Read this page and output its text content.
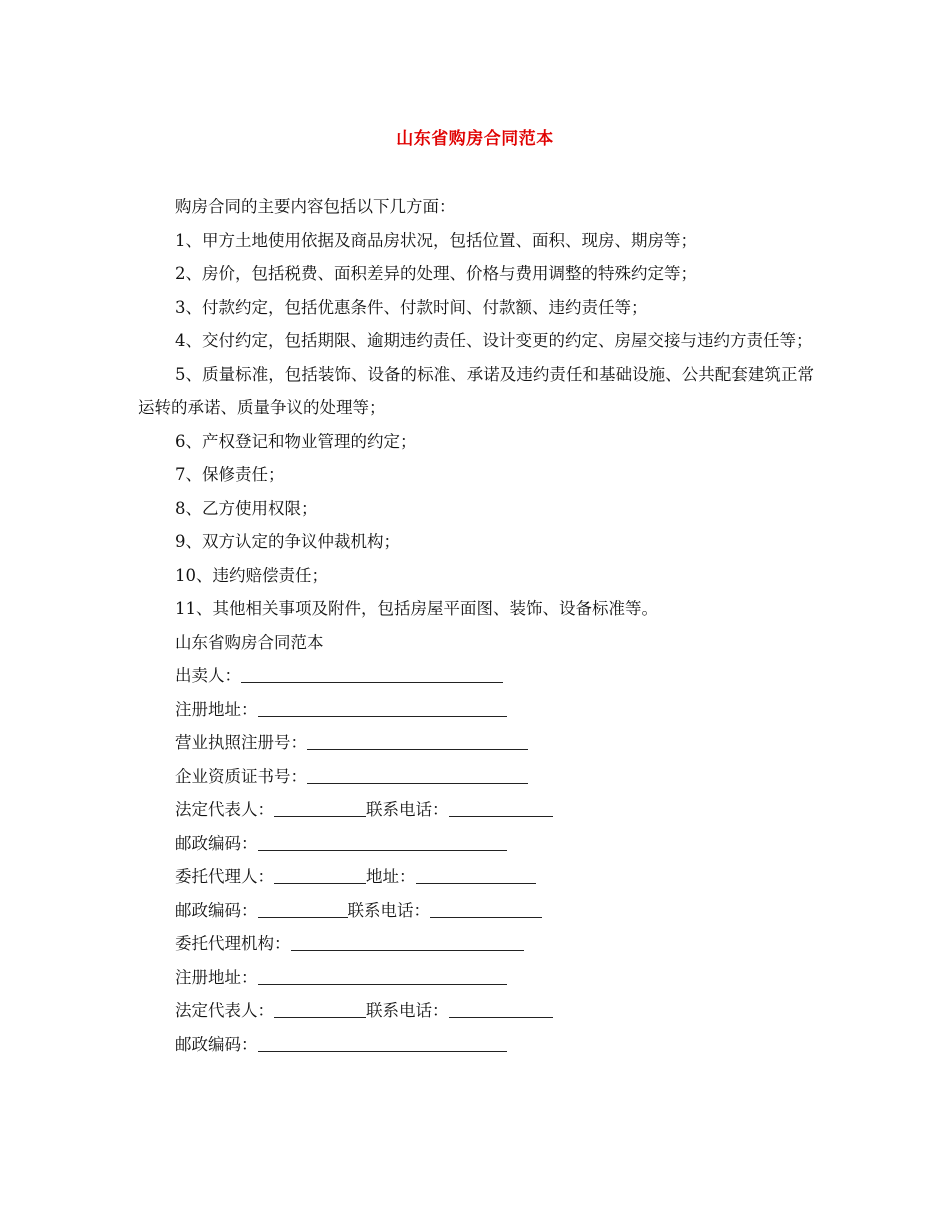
山东省购房合同范本

购房合同的主要内容包括以下几方面：

1、甲方土地使用依据及商品房状况，包括位置、面积、现房、期房等；

2、房价，包括税费、面积差异的处理、价格与费用调整的特殊约定等；

3、付款约定，包括优惠条件、付款时间、付款额、违约责任等；

4、交付约定，包括期限、逾期违约责任、设计变更的约定、房屋交接与违约方责任等；

5、质量标准，包括装饰、设备的标准、承诺及违约责任和基础设施、公共配套建筑正常运转的承诺、质量争议的处理等；

6、产权登记和物业管理的约定；

7、保修责任；

8、乙方使用权限；

9、双方认定的争议仲裁机构；

10、违约赔偿责任；

11、其他相关事项及附件，包括房屋平面图、装饰、设备标准等。

山东省购房合同范本

出卖人：
注册地址：
营业执照注册号：
企业资质证书号：
法定代表人：	联系电话：
邮政编码：
委托代理人：	地址：
邮政编码：	联系电话：
委托代理机构：
注册地址：
法定代表人：	联系电话：
邮政编码：
